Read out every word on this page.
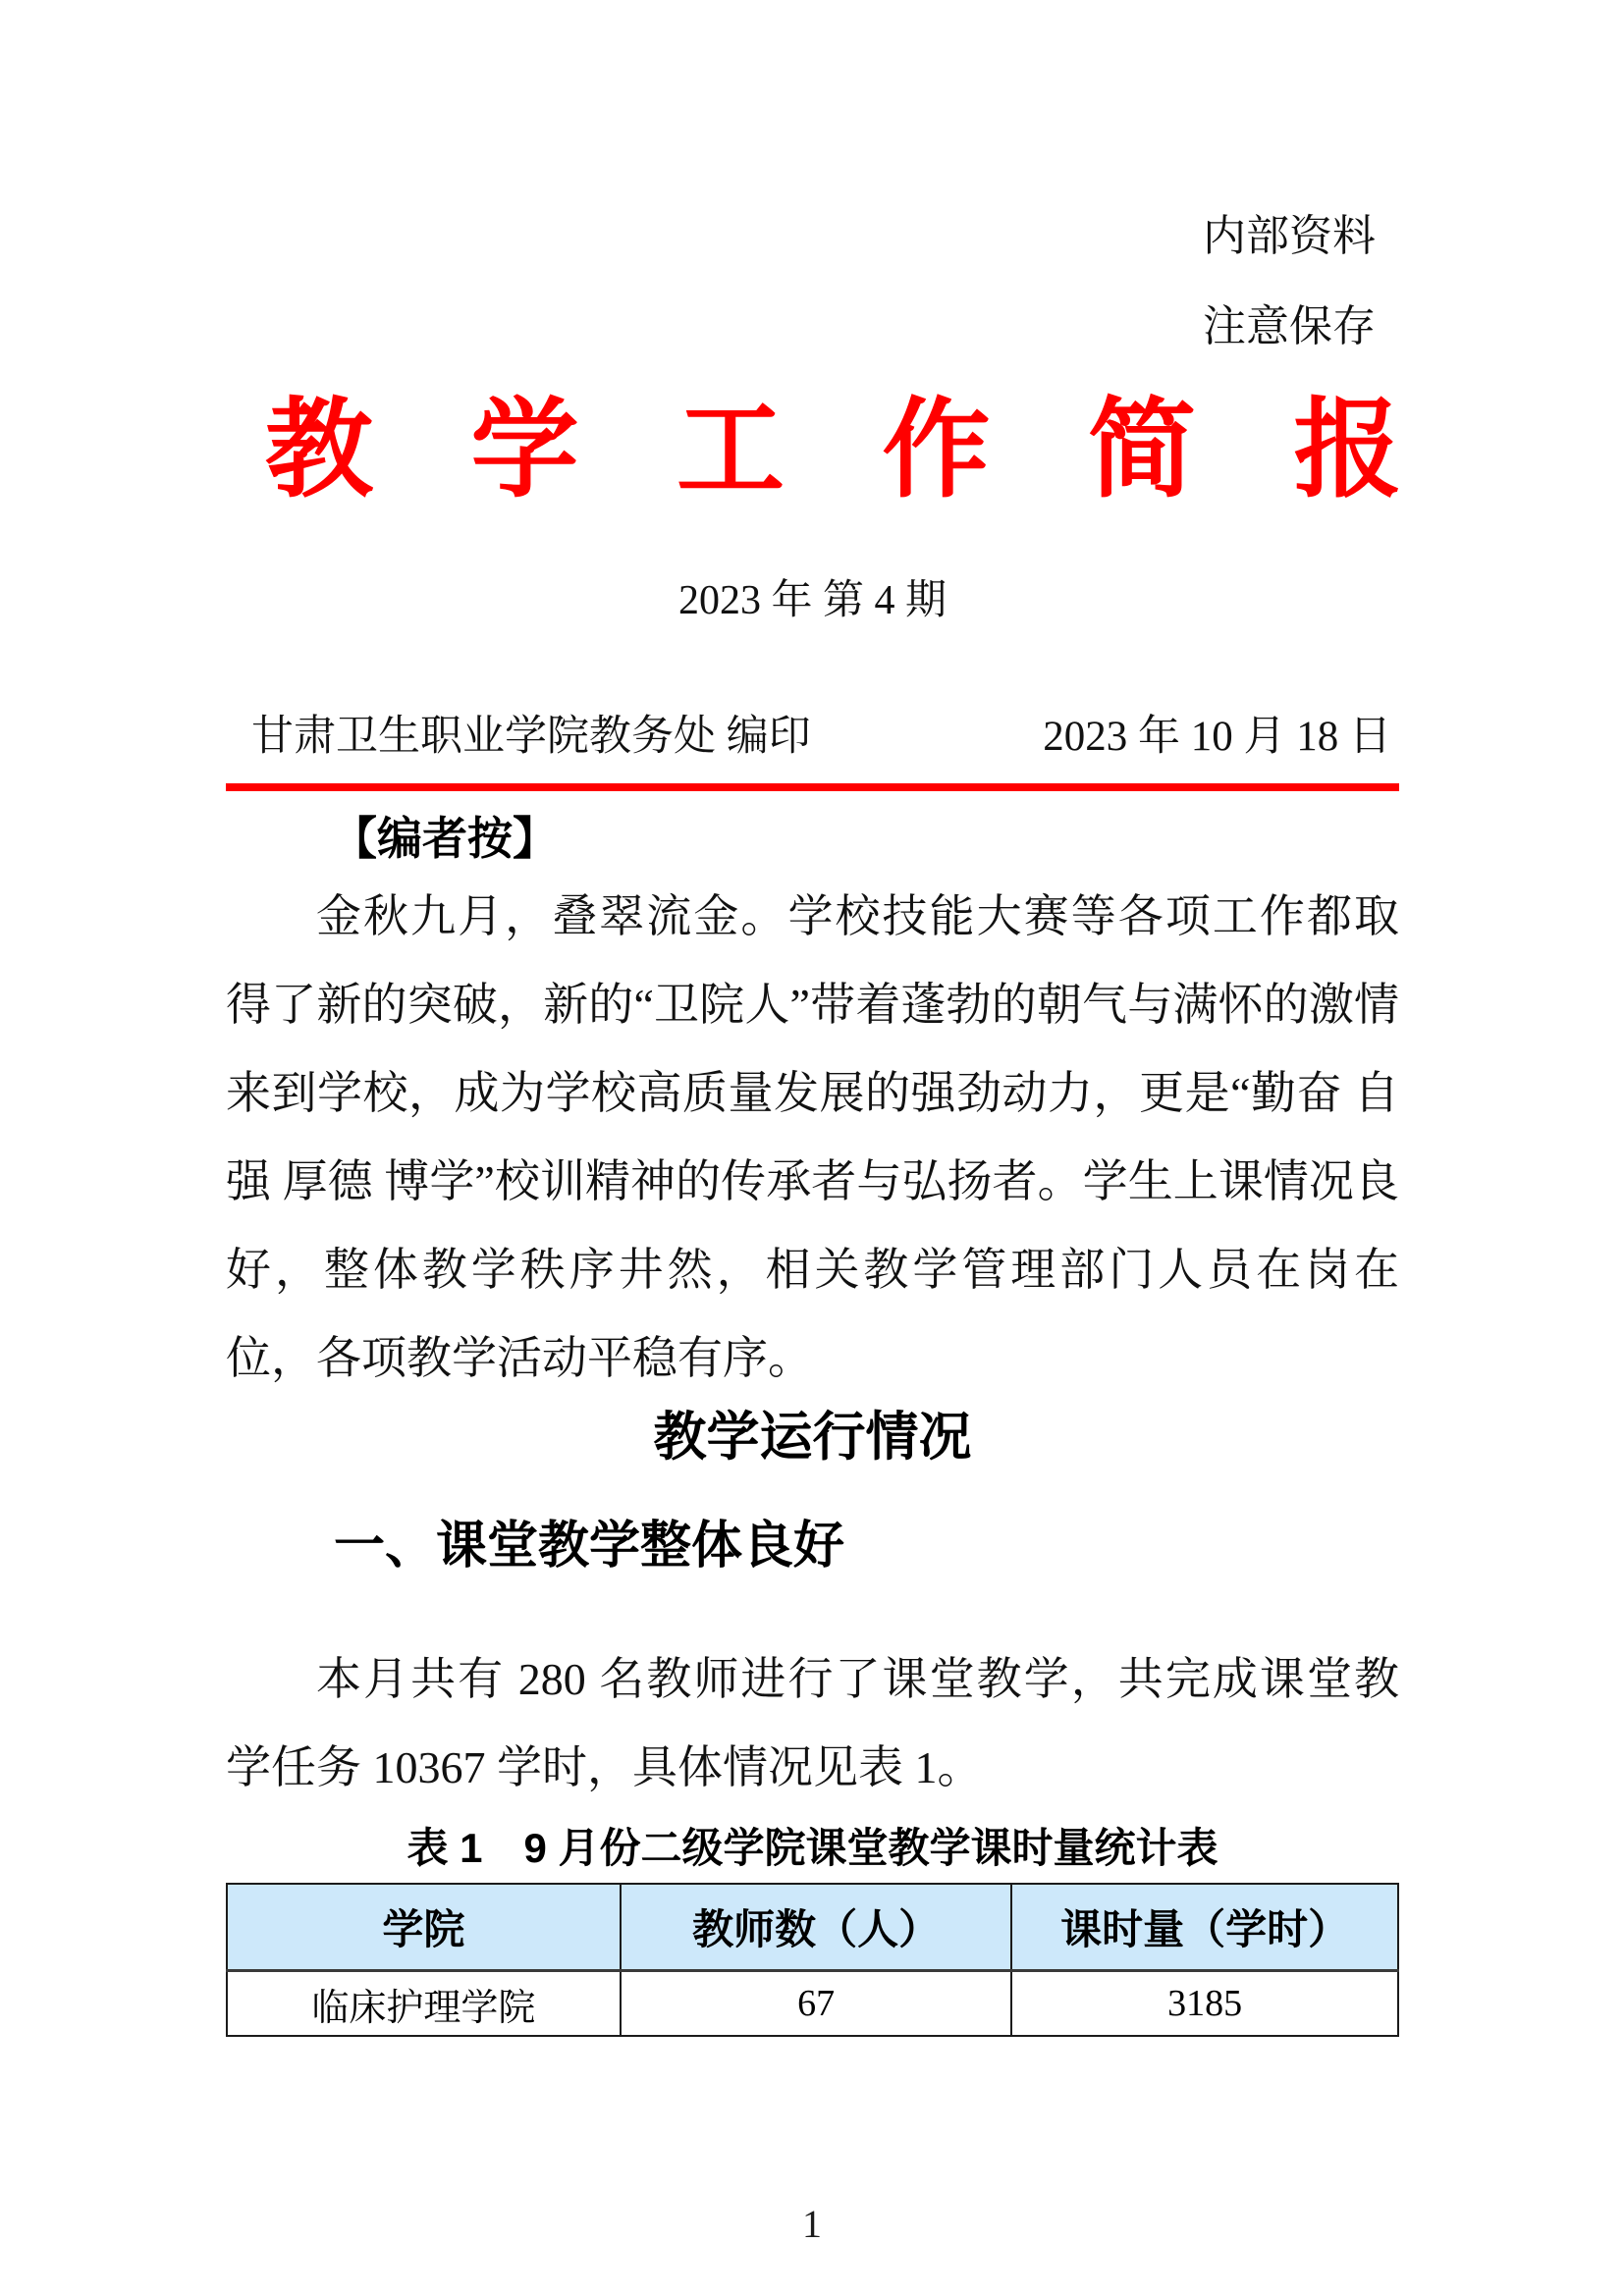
内部资料
注意保存
教 学 工 作 简 报
2023 年 第 4 期
甘肃卫生职业学院教务处 编印	2023 年 10 月 18 日
【编者按】

金秋九月，叠翠流金。学校技能大赛等各项工作都取得了新的突破，新的“卫院人”带着蓬勃的朝气与满怀的激情来到学校，成为学校高质量发展的强劲动力，更是“勤奋 自强 厚德 博学”校训精神的传承者与弘扬者。学生上课情况良好，整体教学秩序井然，相关教学管理部门人员在岗在位，各项教学活动平稳有序。

教学运行情况
一、课堂教学整体良好

本月共有 280 名教师进行了课堂教学，共完成课堂教学任务 10367 学时，具体情况见表 1。

表 1　9 月份二级学院课堂教学课时量统计表
学院	教师数（人）	课时量（学时）
临床护理学院	67	3185
1
